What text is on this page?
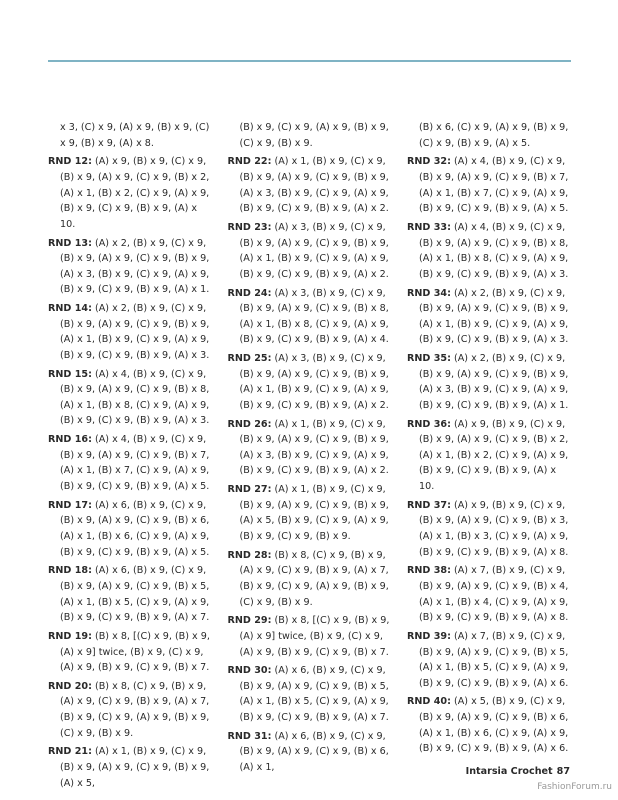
x 3, (C) x 9, (A) x 9, (B) x 9, (C) x 9, (B) x 9, (A) x 8.

RND 12: (A) x 9, (B) x 9, (C) x 9, (B) x 9, (A) x 9, (C) x 9, (B) x 2, (A) x 1, (B) x 2, (C) x 9, (A) x 9, (B) x 9, (C) x 9, (B) x 9, (A) x 10.

RND 13: (A) x 2, (B) x 9, (C) x 9, (B) x 9, (A) x 9, (C) x 9, (B) x 9, (A) x 3, (B) x 9, (C) x 9, (A) x 9, (B) x 9, (C) x 9, (B) x 9, (A) x 1.

RND 14: (A) x 2, (B) x 9, (C) x 9, (B) x 9, (A) x 9, (C) x 9, (B) x 9, (A) x 1, (B) x 9, (C) x 9, (A) x 9, (B) x 9, (C) x 9, (B) x 9, (A) x 3.

RND 15: (A) x 4, (B) x 9, (C) x 9, (B) x 9, (A) x 9, (C) x 9, (B) x 8, (A) x 1, (B) x 8, (C) x 9, (A) x 9, (B) x 9, (C) x 9, (B) x 9, (A) x 3.

RND 16: (A) x 4, (B) x 9, (C) x 9, (B) x 9, (A) x 9, (C) x 9, (B) x 7, (A) x 1, (B) x 7, (C) x 9, (A) x 9, (B) x 9, (C) x 9, (B) x 9, (A) x 5.

RND 17: (A) x 6, (B) x 9, (C) x 9, (B) x 9, (A) x 9, (C) x 9, (B) x 6, (A) x 1, (B) x 6, (C) x 9, (A) x 9, (B) x 9, (C) x 9, (B) x 9, (A) x 5.

RND 18: (A) x 6, (B) x 9, (C) x 9, (B) x 9, (A) x 9, (C) x 9, (B) x 5, (A) x 1, (B) x 5, (C) x 9, (A) x 9, (B) x 9, (C) x 9, (B) x 9, (A) x 7.

RND 19: (B) x 8, [(C) x 9, (B) x 9, (A) x 9] twice, (B) x 9, (C) x 9, (A) x 9, (B) x 9, (C) x 9, (B) x 7.

RND 20: (B) x 8, (C) x 9, (B) x 9, (A) x 9, (C) x 9, (B) x 9, (A) x 7, (B) x 9, (C) x 9, (A) x 9, (B) x 9, (C) x 9, (B) x 9.

RND 21: (A) x 1, (B) x 9, (C) x 9, (B) x 9, (A) x 9, (C) x 9, (B) x 9, (A) x 5,

(B) x 9, (C) x 9, (A) x 9, (B) x 9, (C) x 9, (B) x 9.

RND 22: (A) x 1, (B) x 9, (C) x 9, (B) x 9, (A) x 9, (C) x 9, (B) x 9, (A) x 3, (B) x 9, (C) x 9, (A) x 9, (B) x 9, (C) x 9, (B) x 9, (A) x 2.

RND 23: (A) x 3, (B) x 9, (C) x 9, (B) x 9, (A) x 9, (C) x 9, (B) x 9, (A) x 1, (B) x 9, (C) x 9, (A) x 9, (B) x 9, (C) x 9, (B) x 9, (A) x 2.

RND 24: (A) x 3, (B) x 9, (C) x 9, (B) x 9, (A) x 9, (C) x 9, (B) x 8, (A) x 1, (B) x 8, (C) x 9, (A) x 9, (B) x 9, (C) x 9, (B) x 9, (A) x 4.

RND 25: (A) x 3, (B) x 9, (C) x 9, (B) x 9, (A) x 9, (C) x 9, (B) x 9, (A) x 1, (B) x 9, (C) x 9, (A) x 9, (B) x 9, (C) x 9, (B) x 9, (A) x 2.

RND 26: (A) x 1, (B) x 9, (C) x 9, (B) x 9, (A) x 9, (C) x 9, (B) x 9, (A) x 3, (B) x 9, (C) x 9, (A) x 9, (B) x 9, (C) x 9, (B) x 9, (A) x 2.

RND 27: (A) x 1, (B) x 9, (C) x 9, (B) x 9, (A) x 9, (C) x 9, (B) x 9, (A) x 5, (B) x 9, (C) x 9, (A) x 9, (B) x 9, (C) x 9, (B) x 9.

RND 28: (B) x 8, (C) x 9, (B) x 9, (A) x 9, (C) x 9, (B) x 9, (A) x 7, (B) x 9, (C) x 9, (A) x 9, (B) x 9, (C) x 9, (B) x 9.

RND 29: (B) x 8, [(C) x 9, (B) x 9, (A) x 9] twice, (B) x 9, (C) x 9, (A) x 9, (B) x 9, (C) x 9, (B) x 7.

RND 30: (A) x 6, (B) x 9, (C) x 9, (B) x 9, (A) x 9, (C) x 9, (B) x 5, (A) x 1, (B) x 5, (C) x 9, (A) x 9, (B) x 9, (C) x 9, (B) x 9, (A) x 7.

RND 31: (A) x 6, (B) x 9, (C) x 9, (B) x 9, (A) x 9, (C) x 9, (B) x 6, (A) x 1,

(B) x 6, (C) x 9, (A) x 9, (B) x 9, (C) x 9, (B) x 9, (A) x 5.

RND 32: (A) x 4, (B) x 9, (C) x 9, (B) x 9, (A) x 9, (C) x 9, (B) x 7, (A) x 1, (B) x 7, (C) x 9, (A) x 9, (B) x 9, (C) x 9, (B) x 9, (A) x 5.

RND 33: (A) x 4, (B) x 9, (C) x 9, (B) x 9, (A) x 9, (C) x 9, (B) x 8, (A) x 1, (B) x 8, (C) x 9, (A) x 9, (B) x 9, (C) x 9, (B) x 9, (A) x 3.

RND 34: (A) x 2, (B) x 9, (C) x 9, (B) x 9, (A) x 9, (C) x 9, (B) x 9, (A) x 1, (B) x 9, (C) x 9, (A) x 9, (B) x 9, (C) x 9, (B) x 9, (A) x 3.

RND 35: (A) x 2, (B) x 9, (C) x 9, (B) x 9, (A) x 9, (C) x 9, (B) x 9, (A) x 3, (B) x 9, (C) x 9, (A) x 9, (B) x 9, (C) x 9, (B) x 9, (A) x 1.

RND 36: (A) x 9, (B) x 9, (C) x 9, (B) x 9, (A) x 9, (C) x 9, (B) x 2, (A) x 1, (B) x 2, (C) x 9, (A) x 9, (B) x 9, (C) x 9, (B) x 9, (A) x 10.

RND 37: (A) x 9, (B) x 9, (C) x 9, (B) x 9, (A) x 9, (C) x 9, (B) x 3, (A) x 1, (B) x 3, (C) x 9, (A) x 9, (B) x 9, (C) x 9, (B) x 9, (A) x 8.

RND 38: (A) x 7, (B) x 9, (C) x 9, (B) x 9, (A) x 9, (C) x 9, (B) x 4, (A) x 1, (B) x 4, (C) x 9, (A) x 9, (B) x 9, (C) x 9, (B) x 9, (A) x 8.

RND 39: (A) x 7, (B) x 9, (C) x 9, (B) x 9, (A) x 9, (C) x 9, (B) x 5, (A) x 1, (B) x 5, (C) x 9, (A) x 9, (B) x 9, (C) x 9, (B) x 9, (A) x 6.

RND 40: (A) x 5, (B) x 9, (C) x 9, (B) x 9, (A) x 9, (C) x 9, (B) x 6, (A) x 1, (B) x 6, (C) x 9, (A) x 9, (B) x 9, (C) x 9, (B) x 9, (A) x 6.

Intarsia Crochet 87
FashionForum.ru
